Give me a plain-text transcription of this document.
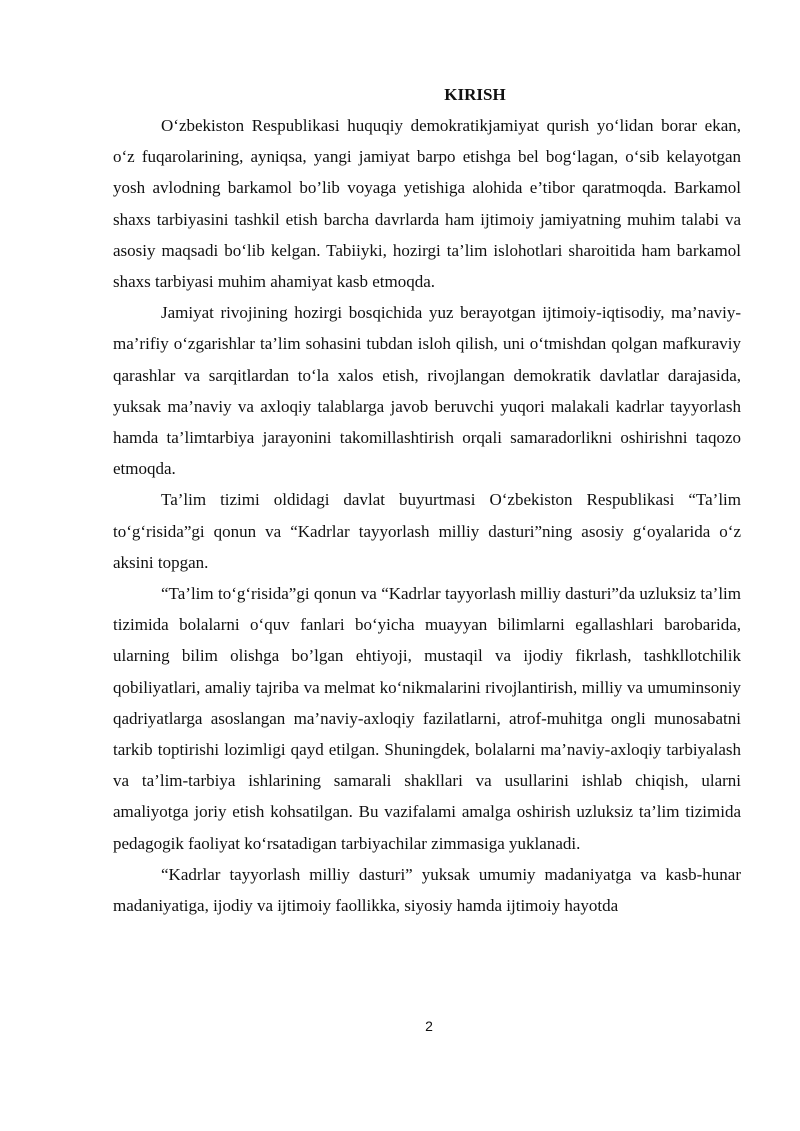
KIRISH

O‘zbekiston Respublikasi huquqiy demokratikjamiyat qurish yo‘lidan borar ekan, o‘z fuqarolarining, ayniqsa, yangi jamiyat barpo etishga bel bog‘lagan, o‘sib kelayotgan yosh avlodning barkamol bo’lib voyaga yetishiga alohida e’tibor qaratmoqda. Barkamol shaxs tarbiyasini tashkil etish barcha davrlarda ham ijtimoiy jamiyatning muhim talabi va asosiy maqsadi bo‘lib kelgan. Tabiiyki, hozirgi ta’lim islohotlari sharoitida ham barkamol shaxs tarbiyasi muhim ahamiyat kasb etmoqda.

Jamiyat rivojining hozirgi bosqichida yuz berayotgan ijtimoiy-iqtisodiy, ma’naviy-ma’rifiy o‘zgarishlar ta’lim sohasini tubdan isloh qilish, uni o‘tmishdan qolgan mafkuraviy qarashlar va sarqitlardan to‘la xalos etish, rivojlangan demokratik davlatlar darajasida, yuksak ma’naviy va axloqiy talablarga javob beruvchi yuqori malakali kadrlar tayyorlash hamda ta’limtarbiya jarayonini takomillashtirish orqali samaradorlikni oshirishni taqozo etmoqda.

Ta’lim tizimi oldidagi davlat buyurtmasi O‘zbekiston Respublikasi “Ta’lim to‘g‘risida”gi qonun va “Kadrlar tayyorlash milliy dasturi”ning asosiy g‘oyalarida o‘z aksini topgan.

“Ta’lim to‘g‘risida”gi qonun va “Kadrlar tayyorlash milliy dasturi”da uzluksiz ta’lim tizimida bolalarni o‘quv fanlari bo‘yicha muayyan bilimlarni egallashlari barobarida, ularning bilim olishga bo’lgan ehtiyoji, mustaqil va ijodiy fikrlash, tashkllotchilik qobiliyatlari, amaliy tajriba va melmat ko‘nikmalarini rivojlantirish, milliy va umuminsoniy qadriyatlarga asoslangan ma’naviy-axloqiy fazilatlarni, atrof-muhitga ongli munosabatni tarkib toptirishi lozimligi qayd etilgan. Shuningdek, bolalarni ma’naviy-axloqiy tarbiyalash va ta’lim-tarbiya ishlarining samarali shakllari va usullarini ishlab chiqish, ularni amaliyotga joriy etish kohsatilgan. Bu vazifalami amalga oshirish uzluksiz ta’lim tizimida pedagogik faoliyat ko‘rsatadigan tarbiyachilar zimmasiga yuklanadi.

“Kadrlar tayyorlash milliy dasturi” yuksak umumiy madaniyatga va kasb-hunar madaniyatiga, ijodiy va ijtimoiy faollikka, siyosiy hamda ijtimoiy hayotda

2
